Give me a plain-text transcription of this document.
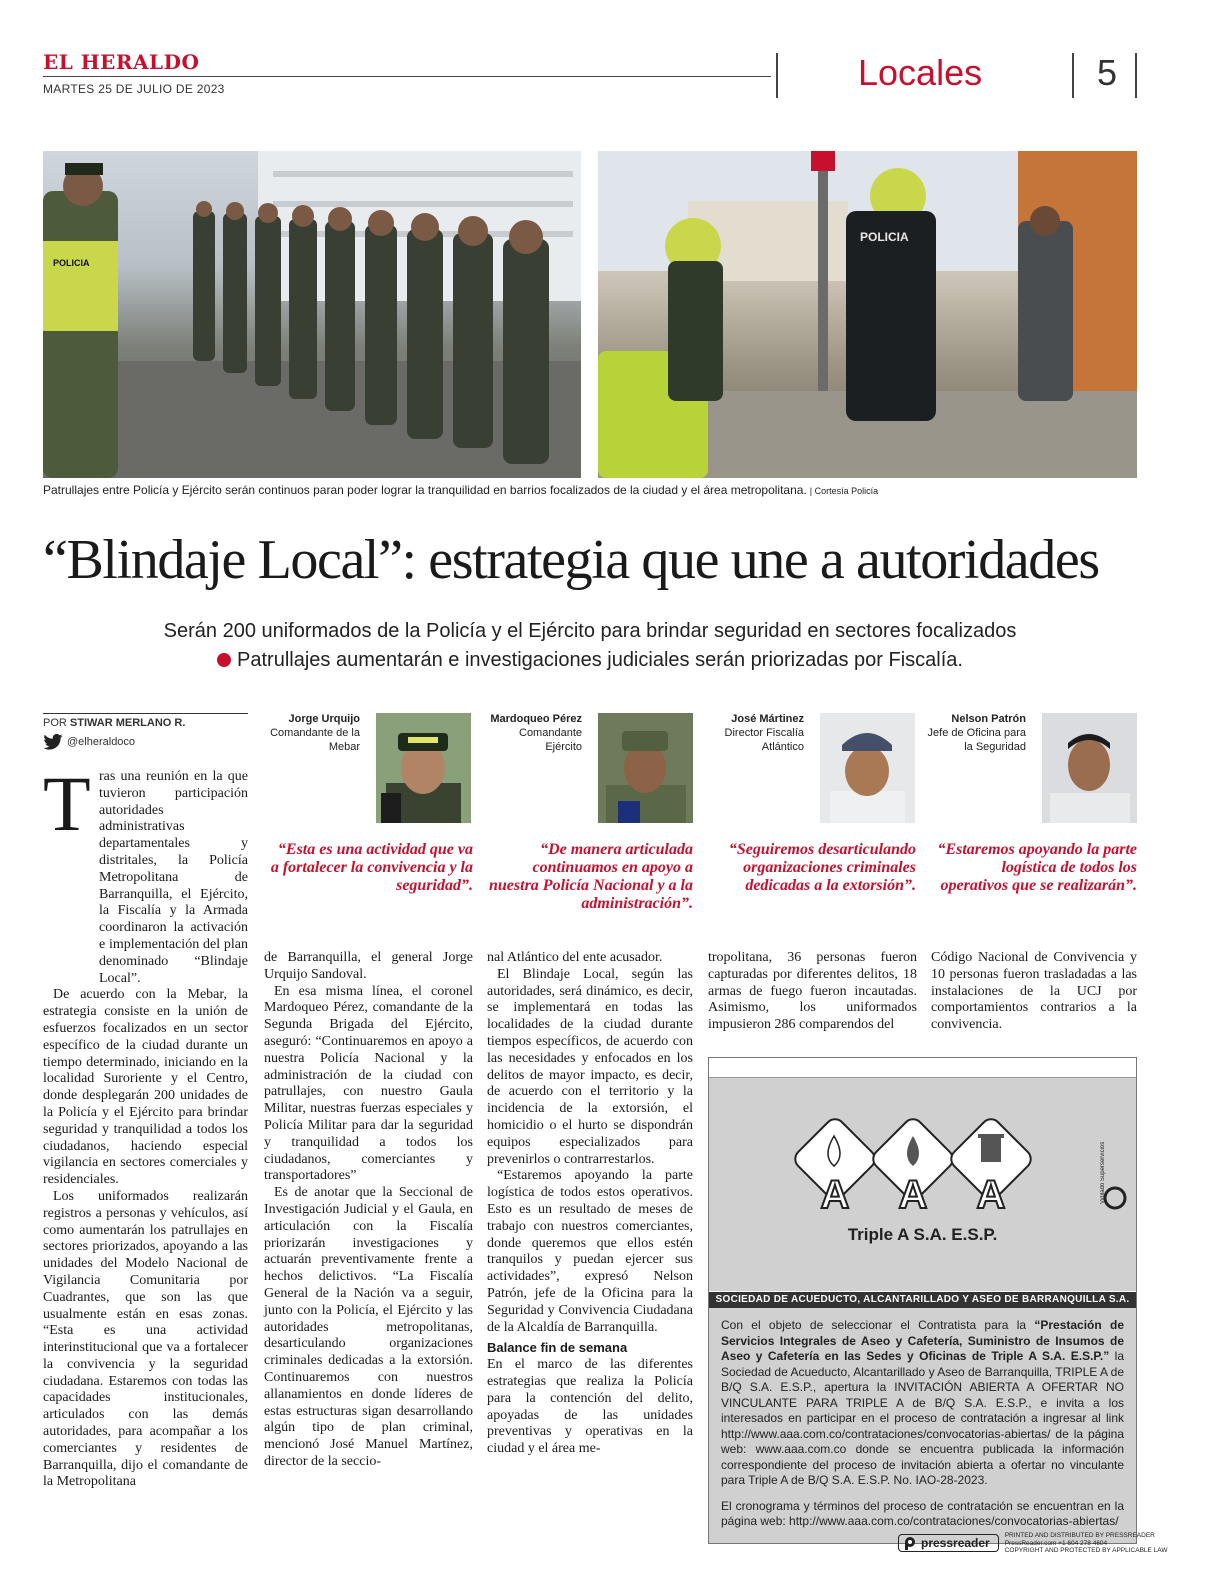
EL HERALDO
MARTES 25 DE JULIO DE 2023	Locales	5
POLICIA
POLICIA
Patrullajes entre Policía y Ejército serán continuos paran poder lograr la tranquilidad en barrios focalizados de la ciudad y el área metropolitana. | Cortesía Policía
“Blindaje Local”: estrategia que une a autoridades
Serán 200 uniformados de la Policía y el Ejército para brindar seguridad en sectores focalizados
Patrullajes aumentarán e investigaciones judiciales serán priorizadas por Fiscalía.
POR STIWAR MERLANO R.
@elheraldoco
T ras una reunión en la que tuvieron participación autoridades administrativas departamentales y distritales, la Policía Metropolitana de Barranquilla, el Ejército, la Fiscalía y la Armada coordinaron la activación e implementación del plan denominado “Blindaje Local”.

De acuerdo con la Mebar, la estrategia consiste en la unión de esfuerzos focalizados en un sector específico de la ciudad durante un tiempo determinado, iniciando en la localidad Suroriente y el Centro, donde desplegarán 200 unidades de la Policía y el Ejército para brindar seguridad y tranquilidad a todos los ciudadanos, haciendo especial vigilancia en sectores comerciales y residenciales.

Los uniformados realizarán registros a personas y vehículos, así como aumentarán los patrullajes en sectores priorizados, apoyando a las unidades del Modelo Nacional de Vigilancia Comunitaria por Cuadrantes, que son las que usualmente están en esas zonas. “Esta es una actividad interinstitucional que va a fortalecer la convivencia y la seguridad ciudadana. Estaremos con todas las capacidades institucionales, articulados con las demás autoridades, para acompañar a los comerciantes y residentes de Barranquilla, dijo el comandante de la Metropolitana

Jorge Urquijo
Comandante de la Mebar
“Esta es una actividad que va a fortalecer la convivencia y la seguridad”.
Mardoqueo Pérez
Comandante Ejército
“De manera articulada continuamos en apoyo a nuestra Policía Nacional y a la administración”.
José Mártinez
Director Fiscalía Atlántico
“Seguiremos desarticulando organizaciones criminales dedicadas a la extorsión”.
Nelson Patrón
Jefe de Oficina para la Seguridad
“Estaremos apoyando la parte logística de todos los operativos que se realizarán”.

de Barranquilla, el general Jorge Urquijo Sandoval.

En esa misma línea, el coronel Mardoqueo Pérez, comandante de la Segunda Brigada del Ejército, aseguró: “Continuaremos en apoyo a nuestra Policía Nacional y la administración de la ciudad con patrullajes, con nuestro Gaula Militar, nuestras fuerzas especiales y Policía Militar para dar la seguridad y tranquilidad a todos los ciudadanos, comerciantes y transportadores”

Es de anotar que la Seccional de Investigación Judicial y el Gaula, en articulación con la Fiscalía priorizarán investigaciones y actuarán preventivamente frente a hechos delictivos. “La Fiscalía General de la Nación va a seguir, junto con la Policía, el Ejército y las autoridades metropolitanas, desarticulando organizaciones criminales dedicadas a la extorsión. Continuaremos con nuestros allanamientos en donde líderes de estas estructuras sigan desarrollando algún tipo de plan criminal, mencionó José Manuel Martínez, director de la seccio-

nal Atlántico del ente acusador.

El Blindaje Local, según las autoridades, será dinámico, es decir, se implementará en todas las localidades de la ciudad durante tiempos específicos, de acuerdo con las necesidades y enfocados en los delitos de mayor impacto, es decir, de acuerdo con el territorio y la incidencia de la extorsión, el homicidio o el hurto se dispondrán equipos especializados para prevenirlos o contrarrestarlos.

“Estaremos apoyando la parte logística de todos estos operativos. Esto es un resultado de meses de trabajo con nuestros comerciantes, donde queremos que ellos estén tranquilos y puedan ejercer sus actividades”, expresó Nelson Patrón, jefe de la Oficina para la Seguridad y Convivencia Ciudadana de la Alcaldía de Barranquilla.

Balance fin de semana

En el marco de las diferentes estrategias que realiza la Policía para la contención del delito, apoyadas de las unidades preventivas y operativas en la ciudad y el área me-

tropolitana, 36 personas fueron capturadas por diferentes delitos, 18 armas de fuego fueron incautadas. Asimismo, los uniformados impusieron 286 comparendos del

Código Nacional de Convivencia y 10 personas fueron trasladadas a las instalaciones de la UCJ por comportamientos contrarios a la convivencia.

A A A
Triple A S.A. E.S.P.
Vigilado Superservicios
SOCIEDAD DE ACUEDUCTO, ALCANTARILLADO Y ASEO DE BARRANQUILLA S.A.

Con el objeto de seleccionar el Contratista para la “Prestación de Servicios Integrales de Aseo y Cafetería, Suministro de Insumos de Aseo y Cafetería en las Sedes y Oficinas de Triple A S.A. E.S.P.” la Sociedad de Acueducto, Alcantarillado y Aseo de Barranquilla, TRIPLE A de B/Q S.A. E.S.P., apertura la INVITACIÓN ABIERTA A OFERTAR NO VINCULANTE PARA TRIPLE A de B/Q S.A. E.S.P., e invita a los interesados en participar en el proceso de contratación a ingresar al link http://www.aaa.com.co/contrataciones/convocatorias-abiertas/ de la página web: www.aaa.com.co donde se encuentra publicada la información correspondiente del proceso de invitación abierta a ofertar no vinculante para Triple A de B/Q S.A. E.S.P. No. IAO-28-2023.

El cronograma y términos del proceso de contratación se encuentran en la página web: http://www.aaa.com.co/contrataciones/convocatorias-abiertas/

pressreader
PRINTED AND DISTRIBUTED BY PRESSREADER
PressReader.com +1 604 278 4604
COPYRIGHT AND PROTECTED BY APPLICABLE LAW
